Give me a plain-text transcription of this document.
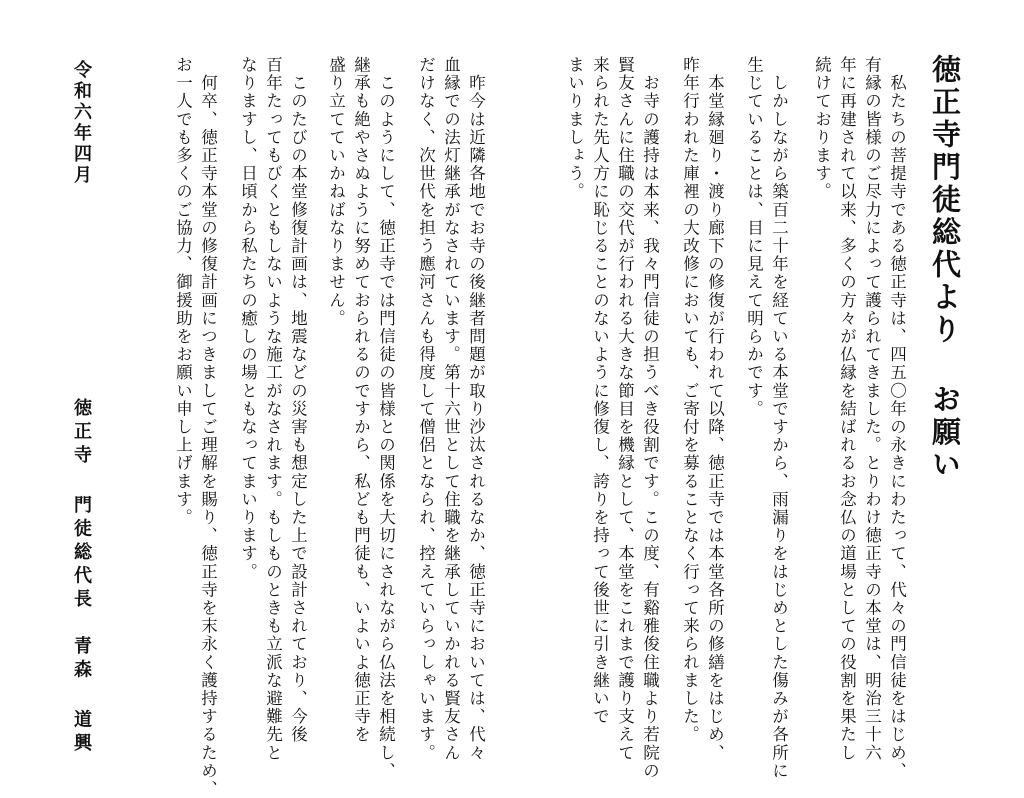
徳正寺門徒総代より お願い
　私たちの菩提寺である徳正寺は、四五〇年の永きにわたって、代々の門信徒をはじめ、
有縁の皆様のご尽力によって護られてきました。とりわけ徳正寺の本堂は、明治三十六
年に再建されて以来、多くの方々が仏縁を結ばれるお念仏の道場としての役割を果たし
続けております。
　しかしながら築百二十年を経ている本堂ですから、雨漏りをはじめとした傷みが各所に
生じていることは、目に見えて明らかです。
　本堂縁廻り・渡り廊下の修復が行われて以降、徳正寺では本堂各所の修繕をはじめ、
昨年行われた庫裡の大改修においても、ご寄付を募ることなく行って来られました。
　お寺の護持は本来、我々門信徒の担うべき役割です。この度、有谿雅俊住職より若院の
賢友さんに住職の交代が行われる大きな節目を機縁として、本堂をこれまで護り支えて
来られた先人方に恥じることのないように修復し、誇りを持って後世に引き継いで
まいりましょう。
　昨今は近隣各地でお寺の後継者問題が取り沙汰されるなか、徳正寺においては、代々
血縁での法灯継承がなされています。第十六世として住職を継承していかれる賢友さん
だけなく、次世代を担う應河さんも得度して僧侶となられ、控えていらっしゃいます。
　このようにして、徳正寺では門信徒の皆様との関係を大切にされながら仏法を相続し、
継承も絶やさぬように努めておられるのですから、私ども門徒も、いよいよ徳正寺を
盛り立てていかねばなりません。
　このたびの本堂修復計画は、地震などの災害も想定した上で設計されており、今後
百年たってもびくともしないような施工がなされます。もしものときも立派な避難先と
なりますし、日頃から私たちの癒しの場ともなってまいります。
　何卒、徳正寺本堂の修復計画につきましてご理解を賜り、徳正寺を末永く護持するため、
お一人でも多くのご協力、御援助をお願い申し上げます。
令和六年四月
徳正寺 門徒総代長　青森 道興
